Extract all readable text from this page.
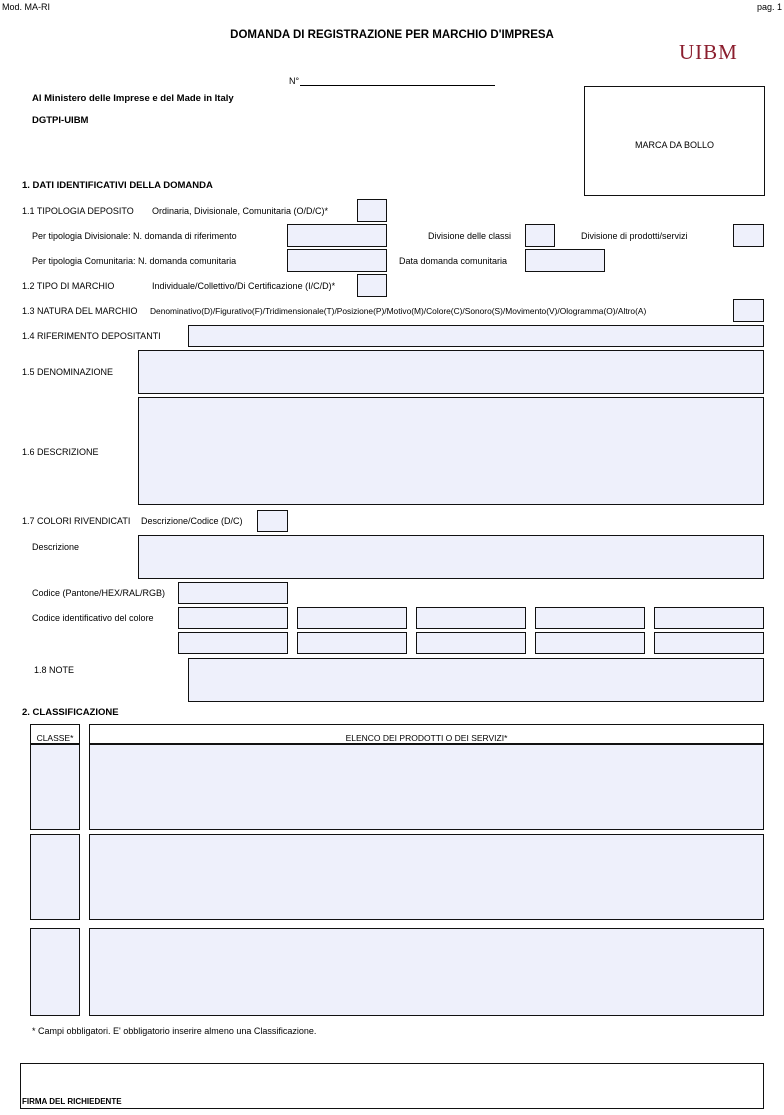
Mod. MA-RI	pag. 1
DOMANDA DI REGISTRAZIONE PER MARCHIO D'IMPRESA
UIBM
N°
Al Ministero delle Imprese e del Made in Italy
DGTPI-UIBM
MARCA DA BOLLO
1. DATI IDENTIFICATIVI DELLA DOMANDA
1.1 TIPOLOGIA DEPOSITO Ordinaria, Divisionale, Comunitaria (O/D/C)*
Per tipologia Divisionale: N. domanda di riferimento	Divisione delle classi	Divisione di prodotti/servizi
Per tipologia Comunitaria: N. domanda comunitaria	Data domanda comunitaria
1.2 TIPO DI MARCHIO	Individuale/Collettivo/Di Certificazione (I/C/D)*
1.3 NATURA DEL MARCHIO Denominativo(D)/Figurativo(F)/Tridimensionale(T)/Posizione(P)/Motivo(M)/Colore(C)/Sonoro(S)/Movimento(V)/Ologramma(O)/Altro(A)
1.4 RIFERIMENTO DEPOSITANTI
1.5 DENOMINAZIONE
1.6 DESCRIZIONE
1.7 COLORI RIVENDICATI Descrizione/Codice (D/C)
Descrizione
Codice (Pantone/HEX/RAL/RGB)
Codice identificativo del colore
1.8 NOTE
2. CLASSIFICAZIONE
CLASSE*	ELENCO DEI PRODOTTI O DEI SERVIZI*
* Campi obbligatori. E' obbligatorio inserire almeno una Classificazione.
FIRMA DEL RICHIEDENTE
